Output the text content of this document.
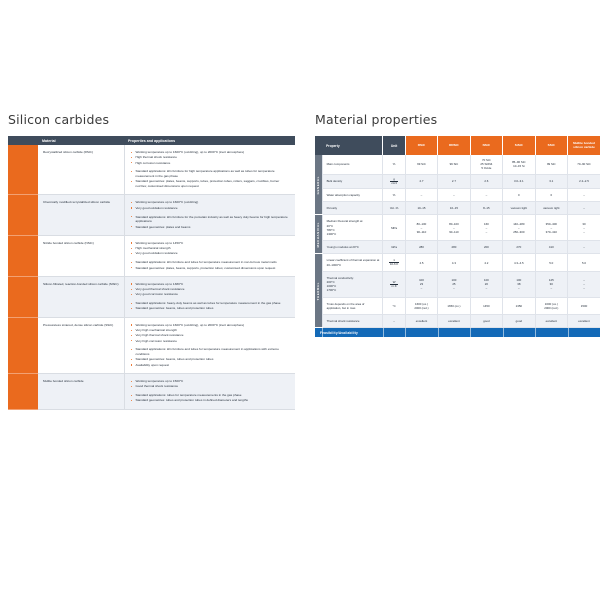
Silicon carbides
	Material	Properties and applications
	Recrystallized silicon carbide (RSiC)	Working temperature up to 1600°C (oxidizing), up to 2000°C (inert atmosphere)
High thermal shock resistance
High corrosion resistance
Standard applications: kiln furniture for high temperature applications as well as tubes for temperature measurement in the gas phase
Standard geometries: plates, beams, supports, tubes, protection tubes, rollers, saggars, crucibles, burner nozzles; customised dimensions upon request

	Chemically modified recrystallized silicon carbide	Working temperature up to 1600°C (oxidizing)
Very good oxidation resistance
Standard applications: kiln furniture for the porcelain industry as well as heavy duty beams for high temperature applications
Standard geometries: plates and beams

	Nitride bonded silicon carbide (NSiC)	Working temperature up to 1450°C
High mechanical strength
Very good oxidation resistance
Standard applications: kiln furniture and tubes for temperature measurement in non-ferrous metal melts
Standard geometries: plates, beams, supports, protection tubes; customised dimensions upon request

	Silicon-filtrated, reaction-bonded silicon carbide (SiSiC)	Working temperature up to 1380°C
Very good thermal shock resistance
Very good corrosion resistance
Standard applications: heavy-duty beams as well as tubes for temperature measurement in the gas phase
Standard geometries: beams, tubes and protection tubes

	Pressureless sintered, dense silicon carbide (SSiC)	Working temperature up to 1600°C (oxidizing), up to 2000°C (inert atmosphere)
Very high mechanical strength
Very high thermal shock resistance
Very high corrosion resistance
Standard applications: kiln furniture and tubes for temperature measurement in applications with extreme conditions
Standard geometries: beams, tubes and protection tubes
Availability upon request

	Mullite bonded silicon carbide	Working temperature up to 1500°C
Good thermal shock resistance
Standard applications: tubes for temperature measurements in the gas phase
Standard geometries: tubes and protection tubes in defined diameters and lengths
Material properties
	Property	Unit	RSiC	RRSiC	NSiC	SiSiC	SSiC	Mullite bonded silicon carbide

GENERAL	Main components	%	99 SiC	99 SiC	70 SiC
25 Si3N4
5 Oxide	85–90 SiC
10–15 Si	99 SiC	70–90 SiC

	Bulk density	$\frac{g}{cm3}$	2.7	2.7	2.6	3.0–3.1	3.1	2.2–2.5

	Water absorption capacity	%	–	–	–	0	0	–

	Porosity	Vol.-%	10–15	10–15	8–15	vacuum tight	vacuum tight	–

MECHANICAL	Medium Flexural strength at
20°C
780°C
1300°C	MPa	80–100
–
90–110	80–100
–
90–110	160
–
–	140–280
–
250–300	350–400
–
370–410	30
–
–

	Young's modulus at 20°C	GPa	280	280	200	270	410	–

THERMAL	Linear coefficient of thermal expansion at 20–1000°C	$\frac{1}{10-6 K}$	4.5	4.3	4.2	4.3–4.5	5.0	5.0

	Thermal conductivity:
200°C
1000°C
1700°C	$\frac{W}{m\cdot K}$	100
23
–	100
25
–	100
20
–	100
38
–	125
30
–	–
–
–

	Tmax depends on the area of application, but in max.	°C	1600 (ox.)
2000 (red.)	1650 (ox.)	1450	1350	1600 (ox.)
2000 (red.)	1500

	Thermal shock resistance	–	excellent	excellent	good	good	excellent	excellent
Feasibility/Availability
